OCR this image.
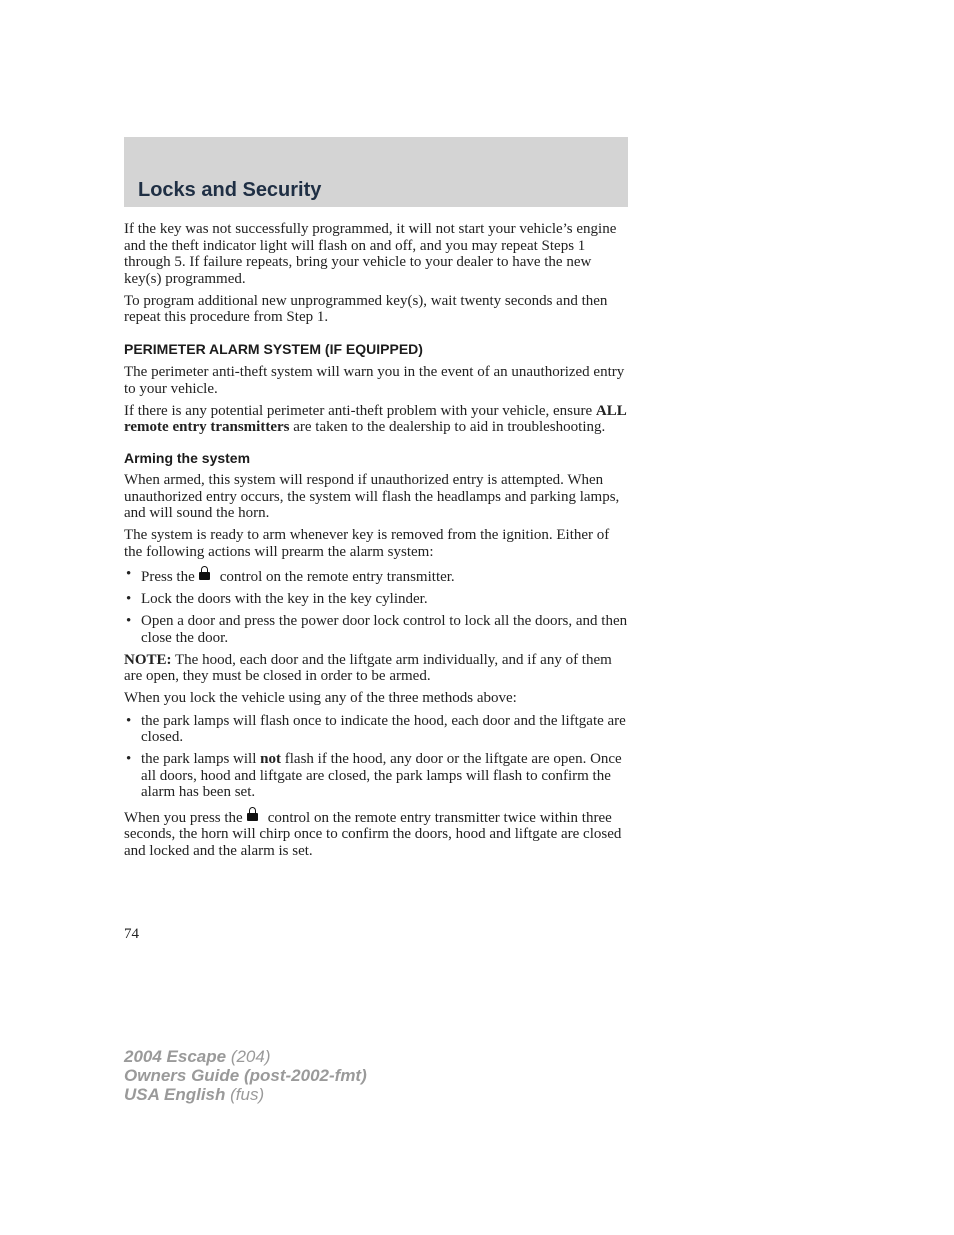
Locks and Security

If the key was not successfully programmed, it will not start your vehicle’s engine and the theft indicator light will flash on and off, and you may repeat Steps 1 through 5. If failure repeats, bring your vehicle to your dealer to have the new key(s) programmed.

To program additional new unprogrammed key(s), wait twenty seconds and then repeat this procedure from Step 1.

PERIMETER ALARM SYSTEM (IF EQUIPPED)

The perimeter anti-theft system will warn you in the event of an unauthorized entry to your vehicle.

If there is any potential perimeter anti-theft problem with your vehicle, ensure ALL remote entry transmitters are taken to the dealership to aid in troubleshooting.

Arming the system

When armed, this system will respond if unauthorized entry is attempted. When unauthorized entry occurs, the system will flash the headlamps and parking lamps, and will sound the horn.

The system is ready to arm whenever key is removed from the ignition. Either of the following actions will prearm the alarm system:

• Press the control on the remote entry transmitter.
• Lock the doors with the key in the key cylinder.
• Open a door and press the power door lock control to lock all the doors, and then close the door.

NOTE: The hood, each door and the liftgate arm individually, and if any of them are open, they must be closed in order to be armed.

When you lock the vehicle using any of the three methods above:

• the park lamps will flash once to indicate the hood, each door and the liftgate are closed.
• the park lamps will not flash if the hood, any door or the liftgate are open. Once all doors, hood and liftgate are closed, the park lamps will flash to confirm the alarm has been set.

When you press the control on the remote entry transmitter twice within three seconds, the horn will chirp once to confirm the doors, hood and liftgate are closed and locked and the alarm is set.

74
2004 Escape (204)
Owners Guide (post-2002-fmt)
USA English (fus)
